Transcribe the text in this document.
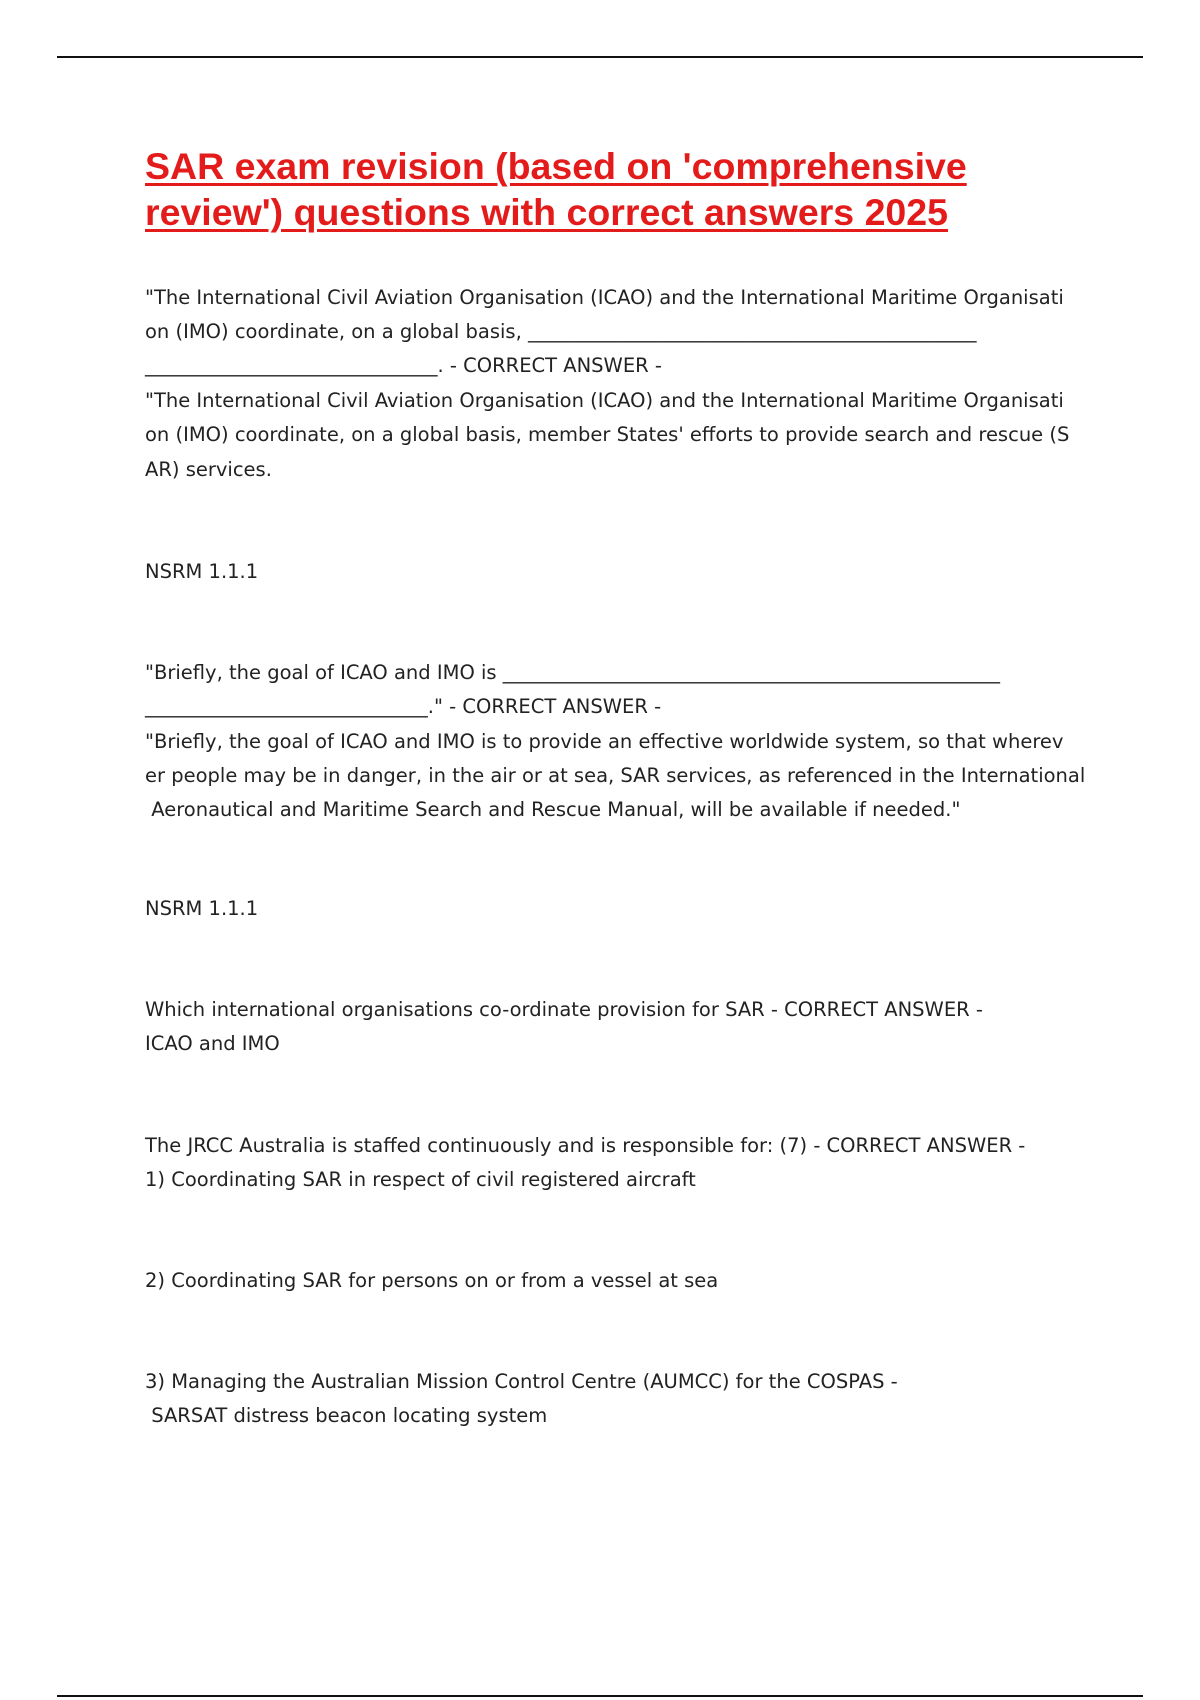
SAR exam revision (based on 'comprehensive
review') questions with correct answers 2025

"The International Civil Aviation Organisation (ICAO) and the International Maritime Organisati

on (IMO) coordinate, on a global basis, ______________________________________________

______________________________. - CORRECT ANSWER -

"The International Civil Aviation Organisation (ICAO) and the International Maritime Organisati

on (IMO) coordinate, on a global basis, member States' efforts to provide search and rescue (S

AR) services.

NSRM 1.1.1

"Briefly, the goal of ICAO and IMO is ___________________________________________________

_____________________________." - CORRECT ANSWER -

"Briefly, the goal of ICAO and IMO is to provide an effective worldwide system, so that wherev

er people may be in danger, in the air or at sea, SAR services, as referenced in the International

Aeronautical and Maritime Search and Rescue Manual, will be available if needed."

NSRM 1.1.1

Which international organisations co-ordinate provision for SAR - CORRECT ANSWER -

ICAO and IMO

The JRCC Australia is staffed continuously and is responsible for: (7) - CORRECT ANSWER -

1) Coordinating SAR in respect of civil registered aircraft

2) Coordinating SAR for persons on or from a vessel at sea

3) Managing the Australian Mission Control Centre (AUMCC) for the COSPAS -

SARSAT distress beacon locating system
